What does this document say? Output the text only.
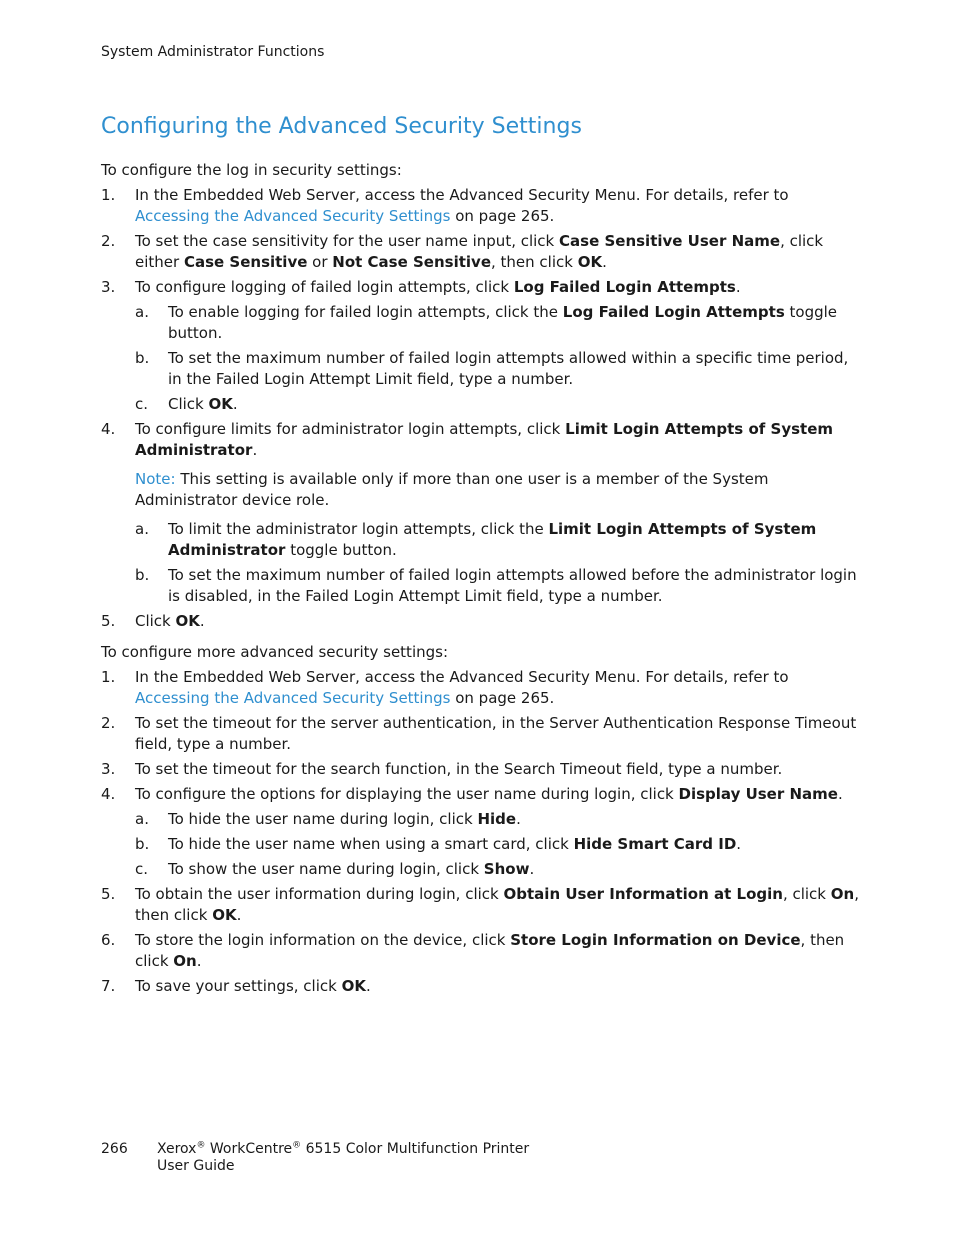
System Administrator Functions
Configuring the Advanced Security Settings

To configure the log in security settings:

1. In the Embedded Web Server, access the Advanced Security Menu. For details, refer to Accessing the Advanced Security Settings on page 265.
2. To set the case sensitivity for the user name input, click Case Sensitive User Name, click either Case Sensitive or Not Case Sensitive, then click OK.
3. To configure logging of failed login attempts, click Log Failed Login Attempts.
a. To enable logging for failed login attempts, click the Log Failed Login Attempts toggle button.
b. To set the maximum number of failed login attempts allowed within a specific time period, in the Failed Login Attempt Limit field, type a number.
c. Click OK.
4. To configure limits for administrator login attempts, click Limit Login Attempts of System Administrator.
Note: This setting is available only if more than one user is a member of the System Administrator device role.
a. To limit the administrator login attempts, click the Limit Login Attempts of System Administrator toggle button.
b. To set the maximum number of failed login attempts allowed before the administrator login is disabled, in the Failed Login Attempt Limit field, type a number.
5. Click OK.

To configure more advanced security settings:

1. In the Embedded Web Server, access the Advanced Security Menu. For details, refer to Accessing the Advanced Security Settings on page 265.
2. To set the timeout for the server authentication, in the Server Authentication Response Timeout field, type a number.
3. To set the timeout for the search function, in the Search Timeout field, type a number.
4. To configure the options for displaying the user name during login, click Display User Name.
a. To hide the user name during login, click Hide.
b. To hide the user name when using a smart card, click Hide Smart Card ID.
c. To show the user name during login, click Show.
5. To obtain the user information during login, click Obtain User Information at Login, click On, then click OK.
6. To store the login information on the device, click Store Login Information on Device, then click On.
7. To save your settings, click OK.
266 Xerox® WorkCentre® 6515 Color Multifunction Printer
User Guide
